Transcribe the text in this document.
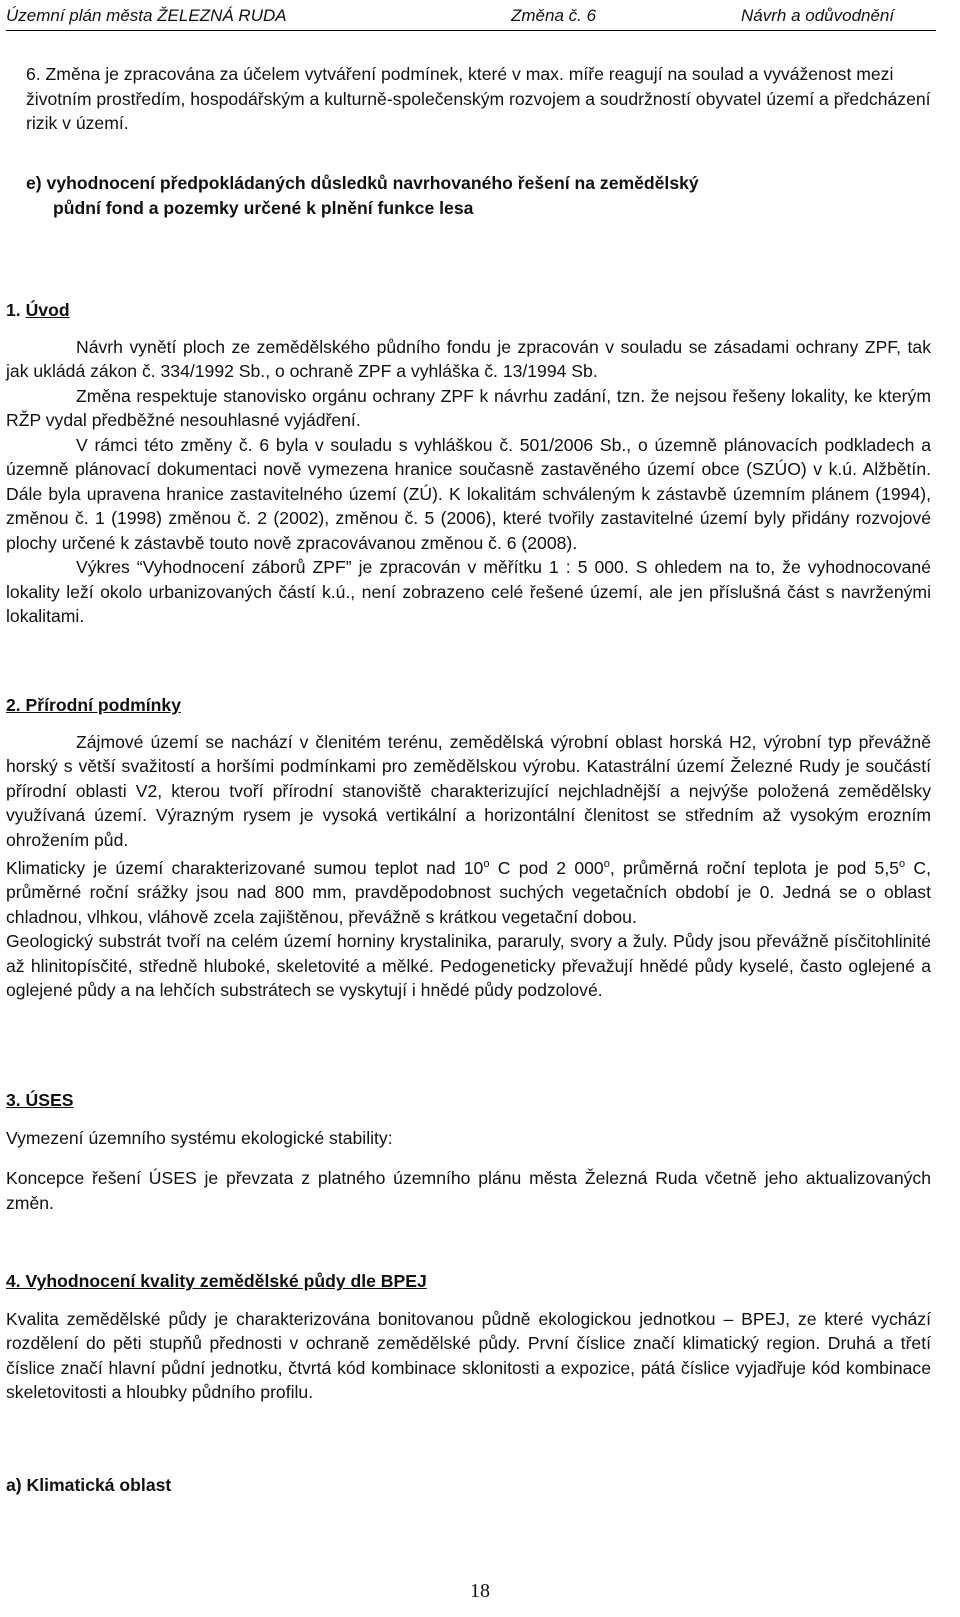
Územní plán města ŽELEZNÁ RUDA	Změna č. 6	Návrh a odůvodnění

6. Změna je zpracována za účelem vytváření podmínek, které v max. míře reagují na soulad a vyváženost mezi životním prostředím, hospodářským a kulturně-společenským rozvojem a soudržností obyvatel území a předcházení rizik v území.

e) vyhodnocení předpokládaných důsledků navrhovaného řešení na zemědělský

půdní fond a pozemky určené k plnění funkce lesa

1. Úvod

Návrh vynětí ploch ze zemědělského půdního fondu je zpracován v souladu se zásadami ochrany ZPF, tak jak ukládá zákon č. 334/1992 Sb., o ochraně ZPF a vyhláška č. 13/1994 Sb.

Změna respektuje stanovisko orgánu ochrany ZPF k návrhu zadání, tzn. že nejsou řešeny lokality, ke kterým RŽP vydal předběžné nesouhlasné vyjádření.

V rámci této změny č. 6 byla v souladu s vyhláškou č. 501/2006 Sb., o územně plánovacích podkladech a územně plánovací dokumentaci nově vymezena hranice současně zastavěného území obce (SZÚO) v k.ú. Alžbětín. Dále byla upravena hranice zastavitelného území (ZÚ). K lokalitám schváleným k zástavbě územním plánem (1994), změnou č. 1 (1998) změnou č. 2 (2002), změnou č. 5 (2006), které tvořily zastavitelné území byly přidány rozvojové plochy určené k zástavbě touto nově zpracovávanou změnou č. 6 (2008).

Výkres “Vyhodnocení záborů ZPF” je zpracován v měřítku 1 : 5 000. S ohledem na to, že vyhodnocované lokality leží okolo urbanizovaných částí k.ú., není zobrazeno celé řešené území, ale jen příslušná část s navrženými lokalitami.

2. Přírodní podmínky

Zájmové území se nachází v členitém terénu, zemědělská výrobní oblast horská H2, výrobní typ převážně horský s větší svažitostí a horšími podmínkami pro zemědělskou výrobu. Katastrální území Železné Rudy je součástí přírodní oblasti V2, kterou tvoří přírodní stanoviště charakterizující nejchladnější a nejvýše položená zemědělsky využívaná území. Výrazným rysem je vysoká vertikální a horizontální členitost se středním až vysokým erozním ohrožením půd.

Klimaticky je území charakterizované sumou teplot nad 10$^o$ C pod 2 000$^o$, průměrná roční teplota je pod 5,5$^o$ C, průměrné roční srážky jsou nad 800 mm, pravděpodobnost suchých vegetačních období je 0. Jedná se o oblast chladnou, vlhkou, vláhově zcela zajištěnou, převážně s krátkou vegetační dobou.

Geologický substrát tvoří na celém území horniny krystalinika, pararuly, svory a žuly. Půdy jsou převážně písčitohlinité až hlinitopísčité, středně hluboké, skeletovité a mělké. Pedogeneticky převažují hnědé půdy kyselé, často oglejené a oglejené půdy a na lehčích substrátech se vyskytují i hnědé půdy podzolové.

3. ÚSES

Vymezení územního systému ekologické stability:

Koncepce řešení ÚSES je převzata z platného územního plánu města Železná Ruda včetně jeho aktualizovaných změn.

4. Vyhodnocení kvality zemědělské půdy dle BPEJ

Kvalita zemědělské půdy je charakterizována bonitovanou půdně ekologickou jednotkou – BPEJ, ze které vychází rozdělení do pěti stupňů přednosti v ochraně zemědělské půdy. První číslice značí klimatický region. Druhá a třetí číslice značí hlavní půdní jednotku, čtvrtá kód kombinace sklonitosti a expozice, pátá číslice vyjadřuje kód kombinace skeletovitosti a hloubky půdního profilu.

a) Klimatická oblast

18
